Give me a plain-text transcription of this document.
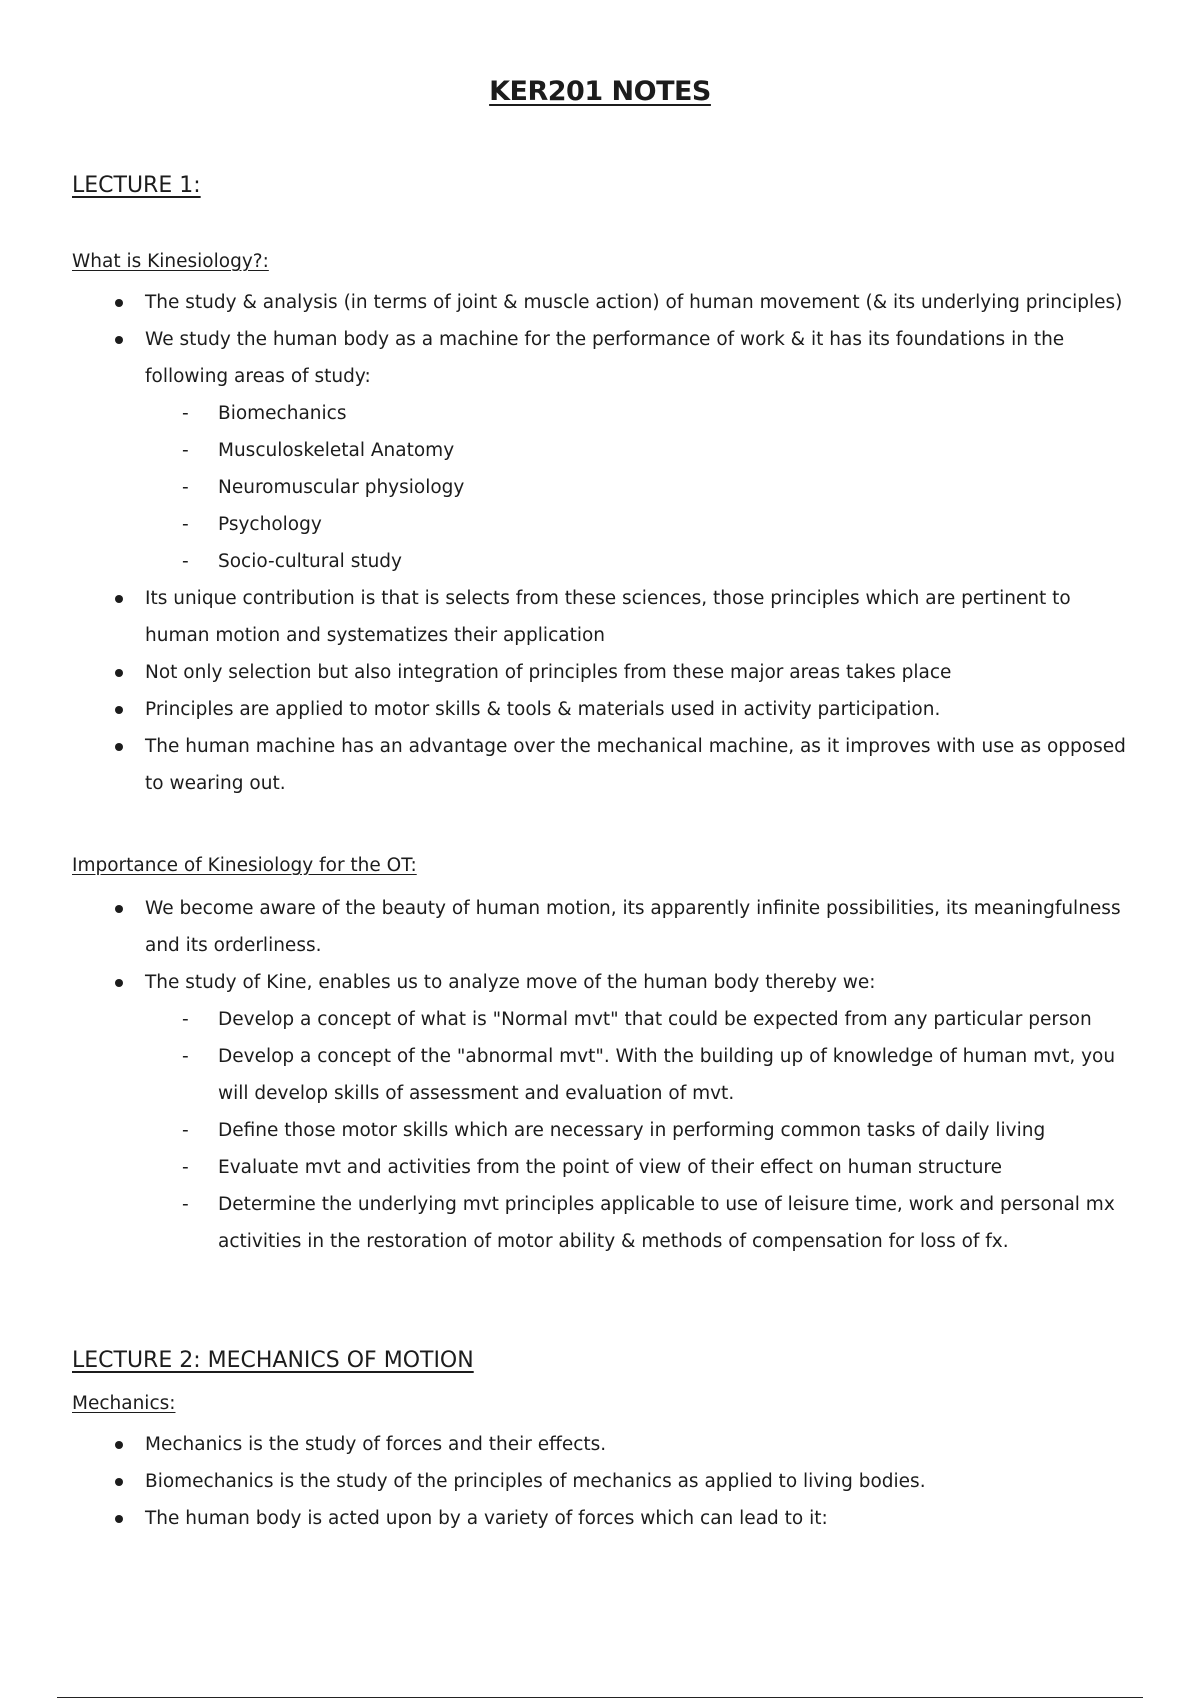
KER201 NOTES
LECTURE 1:
What is Kinesiology?:
The study & analysis (in terms of joint & muscle action) of human movement (& its underlying principles)
We study the human body as a machine for the performance of work & it has its foundations in the following areas of study:
- Biomechanics
- Musculoskeletal Anatomy
- Neuromuscular physiology
- Psychology
- Socio-cultural study
Its unique contribution is that is selects from these sciences, those principles which are pertinent to human motion and systematizes their application
Not only selection but also integration of principles from these major areas takes place
Principles are applied to motor skills & tools & materials used in activity participation.
The human machine has an advantage over the mechanical machine, as it improves with use as opposed to wearing out.
Importance of Kinesiology for the OT:
We become aware of the beauty of human motion, its apparently infinite possibilities, its meaningfulness and its orderliness.
The study of Kine, enables us to analyze move of the human body thereby we:
- Develop a concept of what is "Normal mvt" that could be expected from any particular person
- Develop a concept of the "abnormal mvt". With the building up of knowledge of human mvt, you will develop skills of assessment and evaluation of mvt.
- Define those motor skills which are necessary in performing common tasks of daily living
- Evaluate mvt and activities from the point of view of their effect on human structure
- Determine the underlying mvt principles applicable to use of leisure time, work and personal mx activities in the restoration of motor ability & methods of compensation for loss of fx.
LECTURE 2: MECHANICS OF MOTION
Mechanics:
Mechanics is the study of forces and their effects.
Biomechanics is the study of the principles of mechanics as applied to living bodies.
The human body is acted upon by a variety of forces which can lead to it:
